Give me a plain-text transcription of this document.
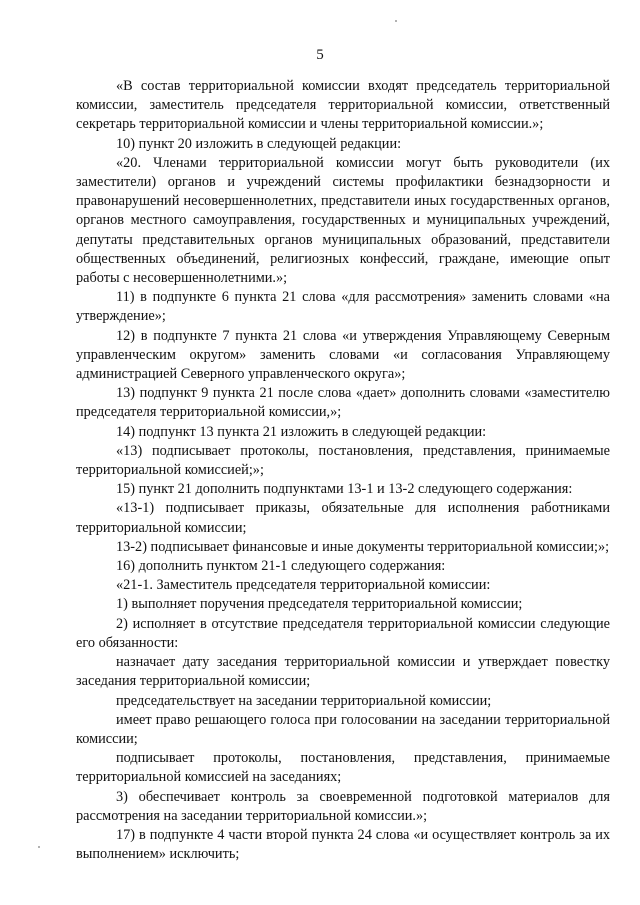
5

«В состав территориальной комиссии входят председатель территориальной комиссии, заместитель председателя территориальной комиссии, ответственный секретарь территориальной комиссии и члены территориальной комиссии.»;

10) пункт 20 изложить в следующей редакции:

«20. Членами территориальной комиссии могут быть руководители (их заместители) органов и учреждений системы профилактики безнадзорности и правонарушений несовершеннолетних, представители иных государственных органов, органов местного самоуправления, государственных и муниципальных учреждений, депутаты представительных органов муниципальных образований, представители общественных объединений, религиозных конфессий, граждане, имеющие опыт работы с несовершеннолетними.»;

11) в подпункте 6 пункта 21 слова «для рассмотрения» заменить словами «на утверждение»;

12) в подпункте 7 пункта 21 слова «и утверждения Управляющему Северным управленческим округом» заменить словами «и согласования Управляющему администрацией Северного управленческого округа»;

13) подпункт 9 пункта 21 после слова «дает» дополнить словами «заместителю председателя территориальной комиссии,»;

14) подпункт 13 пункта 21 изложить в следующей редакции:

«13) подписывает протоколы, постановления, представления, принимаемые территориальной комиссией;»;

15) пункт 21 дополнить подпунктами 13-1 и 13-2 следующего содержания:

«13-1) подписывает приказы, обязательные для исполнения работниками территориальной комиссии;

13-2) подписывает финансовые и иные документы территориальной комиссии;»;

16) дополнить пунктом 21-1 следующего содержания:

«21-1. Заместитель председателя территориальной комиссии:

1) выполняет поручения председателя территориальной комиссии;

2) исполняет в отсутствие председателя территориальной комиссии следующие его обязанности:

назначает дату заседания территориальной комиссии и утверждает повестку заседания территориальной комиссии;

председательствует на заседании территориальной комиссии;

имеет право решающего голоса при голосовании на заседании территориальной комиссии;

подписывает протоколы, постановления, представления, принимаемые территориальной комиссией на заседаниях;

3) обеспечивает контроль за своевременной подготовкой материалов для рассмотрения на заседании территориальной комиссии.»;

17) в подпункте 4 части второй пункта 24 слова «и осуществляет контроль за их выполнением» исключить;
